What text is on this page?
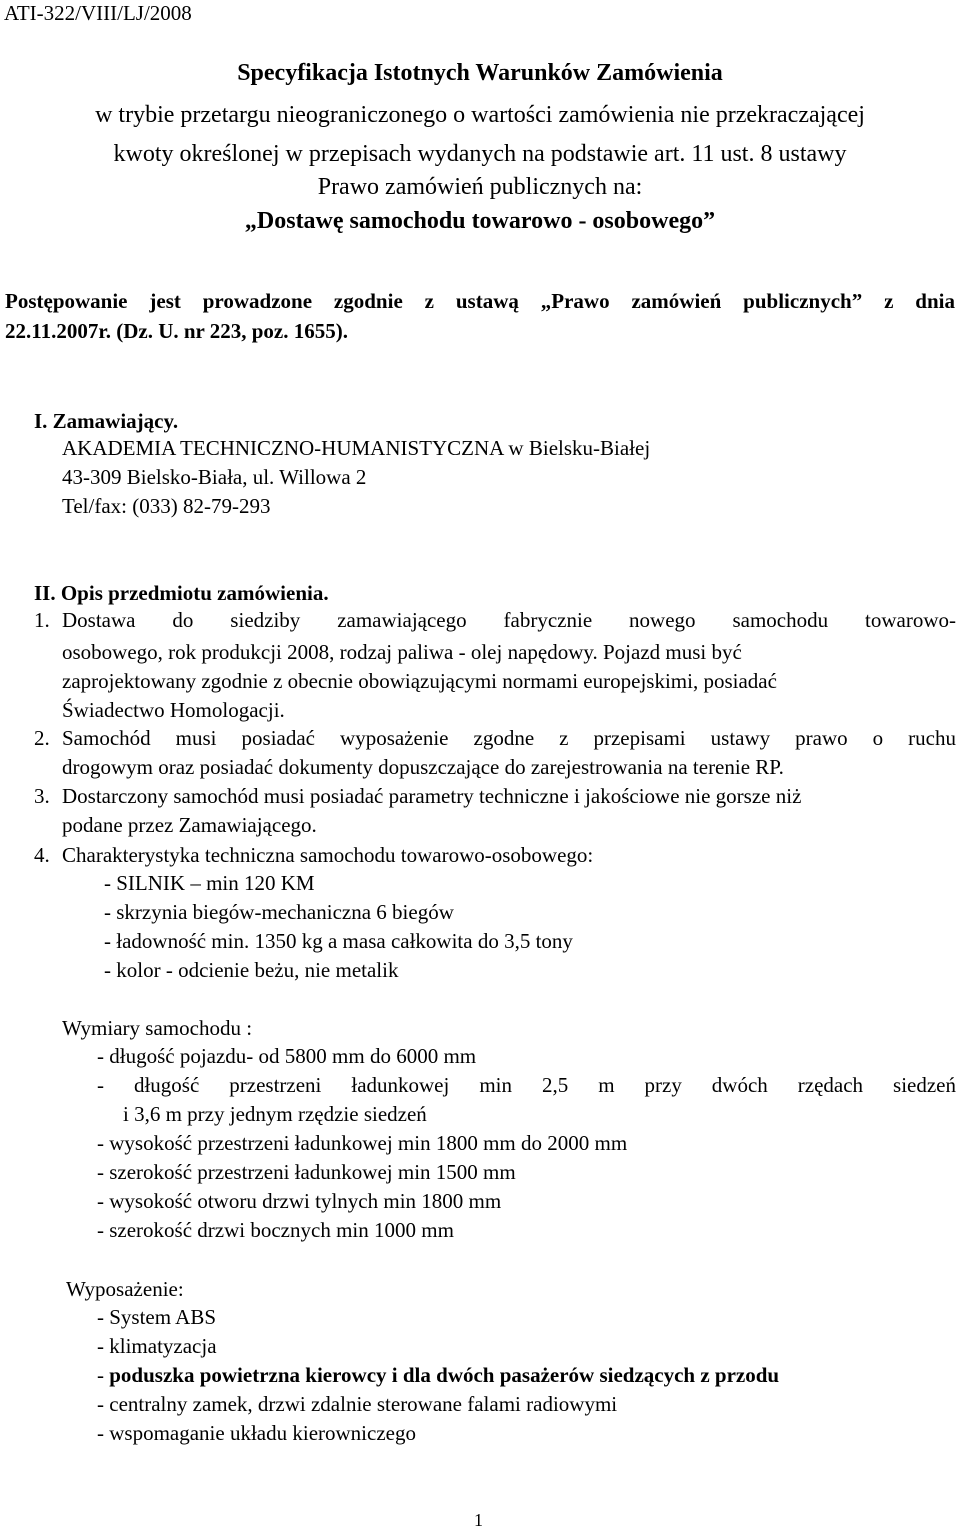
ATI-322/VIII/LJ/2008
Specyfikacja Istotnych Warunków Zamówienia
w trybie przetargu nieograniczonego o wartości zamówienia nie przekraczającej
kwoty określonej w przepisach wydanych na podstawie art. 11 ust. 8 ustawy
Prawo zamówień publicznych na:
„Dostawę samochodu towarowo - osobowego”
Postępowanie jest prowadzone zgodnie z ustawą „Prawo zamówień publicznych” z dnia
22.11.2007r. (Dz. U. nr 223, poz. 1655).
I. Zamawiający.
AKADEMIA TECHNICZNO-HUMANISTYCZNA w Bielsku-Białej
43-309 Bielsko-Biała, ul. Willowa 2
Tel/fax: (033) 82-79-293
II. Opis przedmiotu zamówienia.
1. Dostawa do siedziby zamawiającego fabrycznie nowego samochodu towarowo-
osobowego, rok produkcji 2008, rodzaj paliwa - olej napędowy. Pojazd musi być
zaprojektowany zgodnie z obecnie obowiązującymi normami europejskimi, posiadać
Świadectwo Homologacji.
2. Samochód musi posiadać wyposażenie zgodne z przepisami ustawy prawo o ruchu
drogowym oraz posiadać dokumenty dopuszczające do zarejestrowania na terenie RP.
3. Dostarczony samochód musi posiadać parametry techniczne i jakościowe nie gorsze niż
podane przez Zamawiającego.
4. Charakterystyka techniczna samochodu towarowo-osobowego:
- SILNIK – min 120 KM
- skrzynia biegów-mechaniczna 6 biegów
- ładowność min. 1350 kg a masa całkowita do 3,5 tony
- kolor - odcienie beżu, nie metalik
Wymiary samochodu :
- długość pojazdu- od 5800 mm do 6000 mm
- długość przestrzeni ładunkowej min 2,5 m przy dwóch rzędach siedzeń
i 3,6 m przy jednym rzędzie siedzeń
- wysokość przestrzeni ładunkowej min 1800 mm do 2000 mm
- szerokość przestrzeni ładunkowej min 1500 mm
- wysokość otworu drzwi tylnych min 1800 mm
- szerokość drzwi bocznych min 1000 mm
Wyposażenie:
- System ABS
- klimatyzacja
- poduszka powietrzna kierowcy i dla dwóch pasażerów siedzących z przodu
- centralny zamek, drzwi zdalnie sterowane falami radiowymi
- wspomaganie układu kierowniczego
1
